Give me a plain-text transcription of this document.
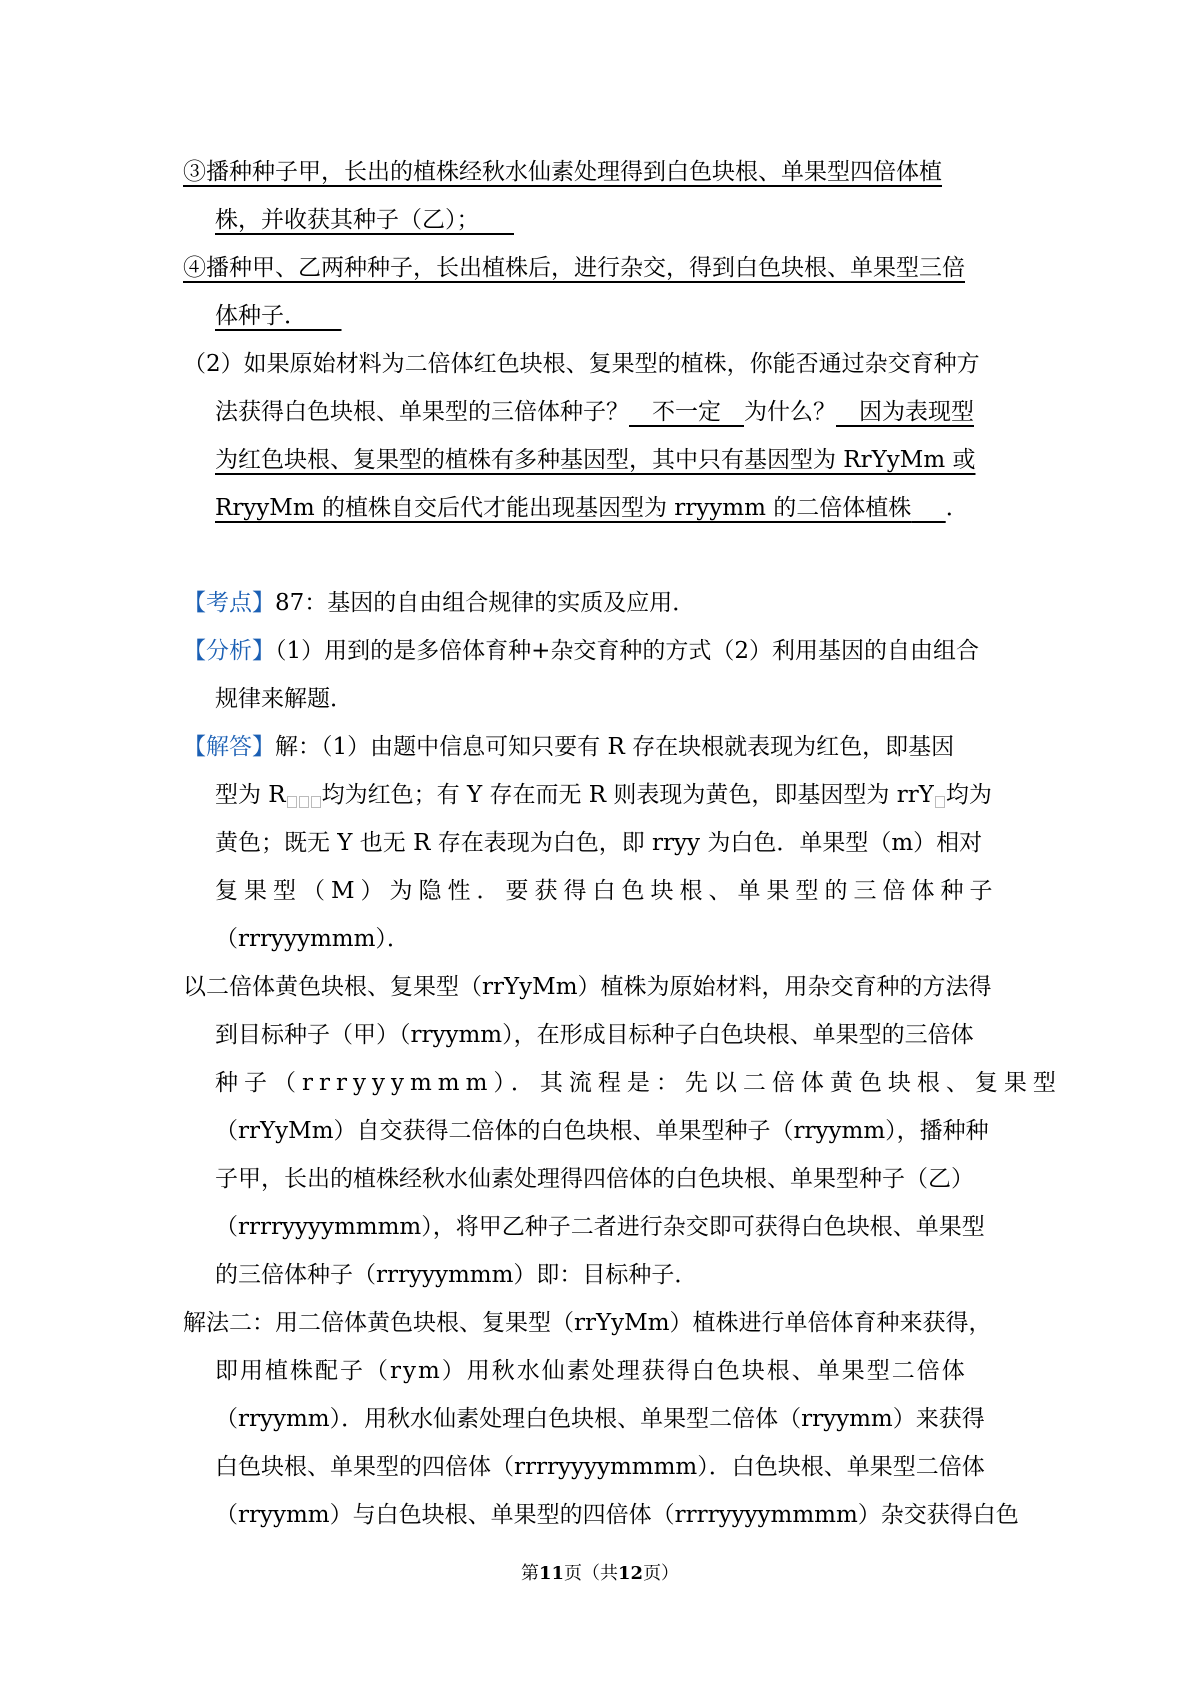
③播种种子甲，长出的植株经秋水仙素处理得到白色块根、单果型四倍体植
株，并收获其种子（乙）；   
④播种甲、乙两种种子，长出植株后，进行杂交，得到白色块根、单果型三倍
体种子．   
（2）如果原始材料为二倍体红色块根、复果型的植株，你能否通过杂交育种方
法获得白色块根、单果型的三倍体种子？   不一定   为什么？   因为表现型
为红色块根、复果型的植株有多种基因型，其中只有基因型为 RrYyMm 或
RryyMm 的植株自交后代才能出现基因型为 rryymm 的二倍体植株    ．
【考点】87：基因的自由组合规律的实质及应用．
【分析】（1）用到的是多倍体育种+杂交育种的方式（2）利用基因的自由组合
规律来解题．
【解答】解：（1）由题中信息可知只要有 R 存在块根就表现为红色，即基因
型为 R 均为红色；有 Y 存在而无 R 则表现为黄色，即基因型为 rrY 均为
黄色；既无 Y 也无 R 存在表现为白色，即 rryy 为白色．单果型（m）相对
复果型（M）为隐性．要获得白色块根、单果型的三倍体种子
（rrryyymmm）．
以二倍体黄色块根、复果型（rrYyMm）植株为原始材料，用杂交育种的方法得
到目标种子（甲）（rryymm），在形成目标种子白色块根、单果型的三倍体
种子（rrryyymmm）．其流程是：先以二倍体黄色块根、复果型
（rrYyMm）自交获得二倍体的白色块根、单果型种子（rryymm），播种种
子甲，长出的植株经秋水仙素处理得四倍体的白色块根、单果型种子（乙）
（rrrryyyymmmm），将甲乙种子二者进行杂交即可获得白色块根、单果型
的三倍体种子（rrryyymmm）即：目标种子．
解法二：用二倍体黄色块根、复果型（rrYyMm）植株进行单倍体育种来获得，
即用植株配子（rym）用秋水仙素处理获得白色块根、单果型二倍体
（rryymm）．用秋水仙素处理白色块根、单果型二倍体（rryymm）来获得
白色块根、单果型的四倍体（rrrryyyymmmm）．白色块根、单果型二倍体
（rryymm）与白色块根、单果型的四倍体（rrrryyyymmmm）杂交获得白色
第11页（共12页）
